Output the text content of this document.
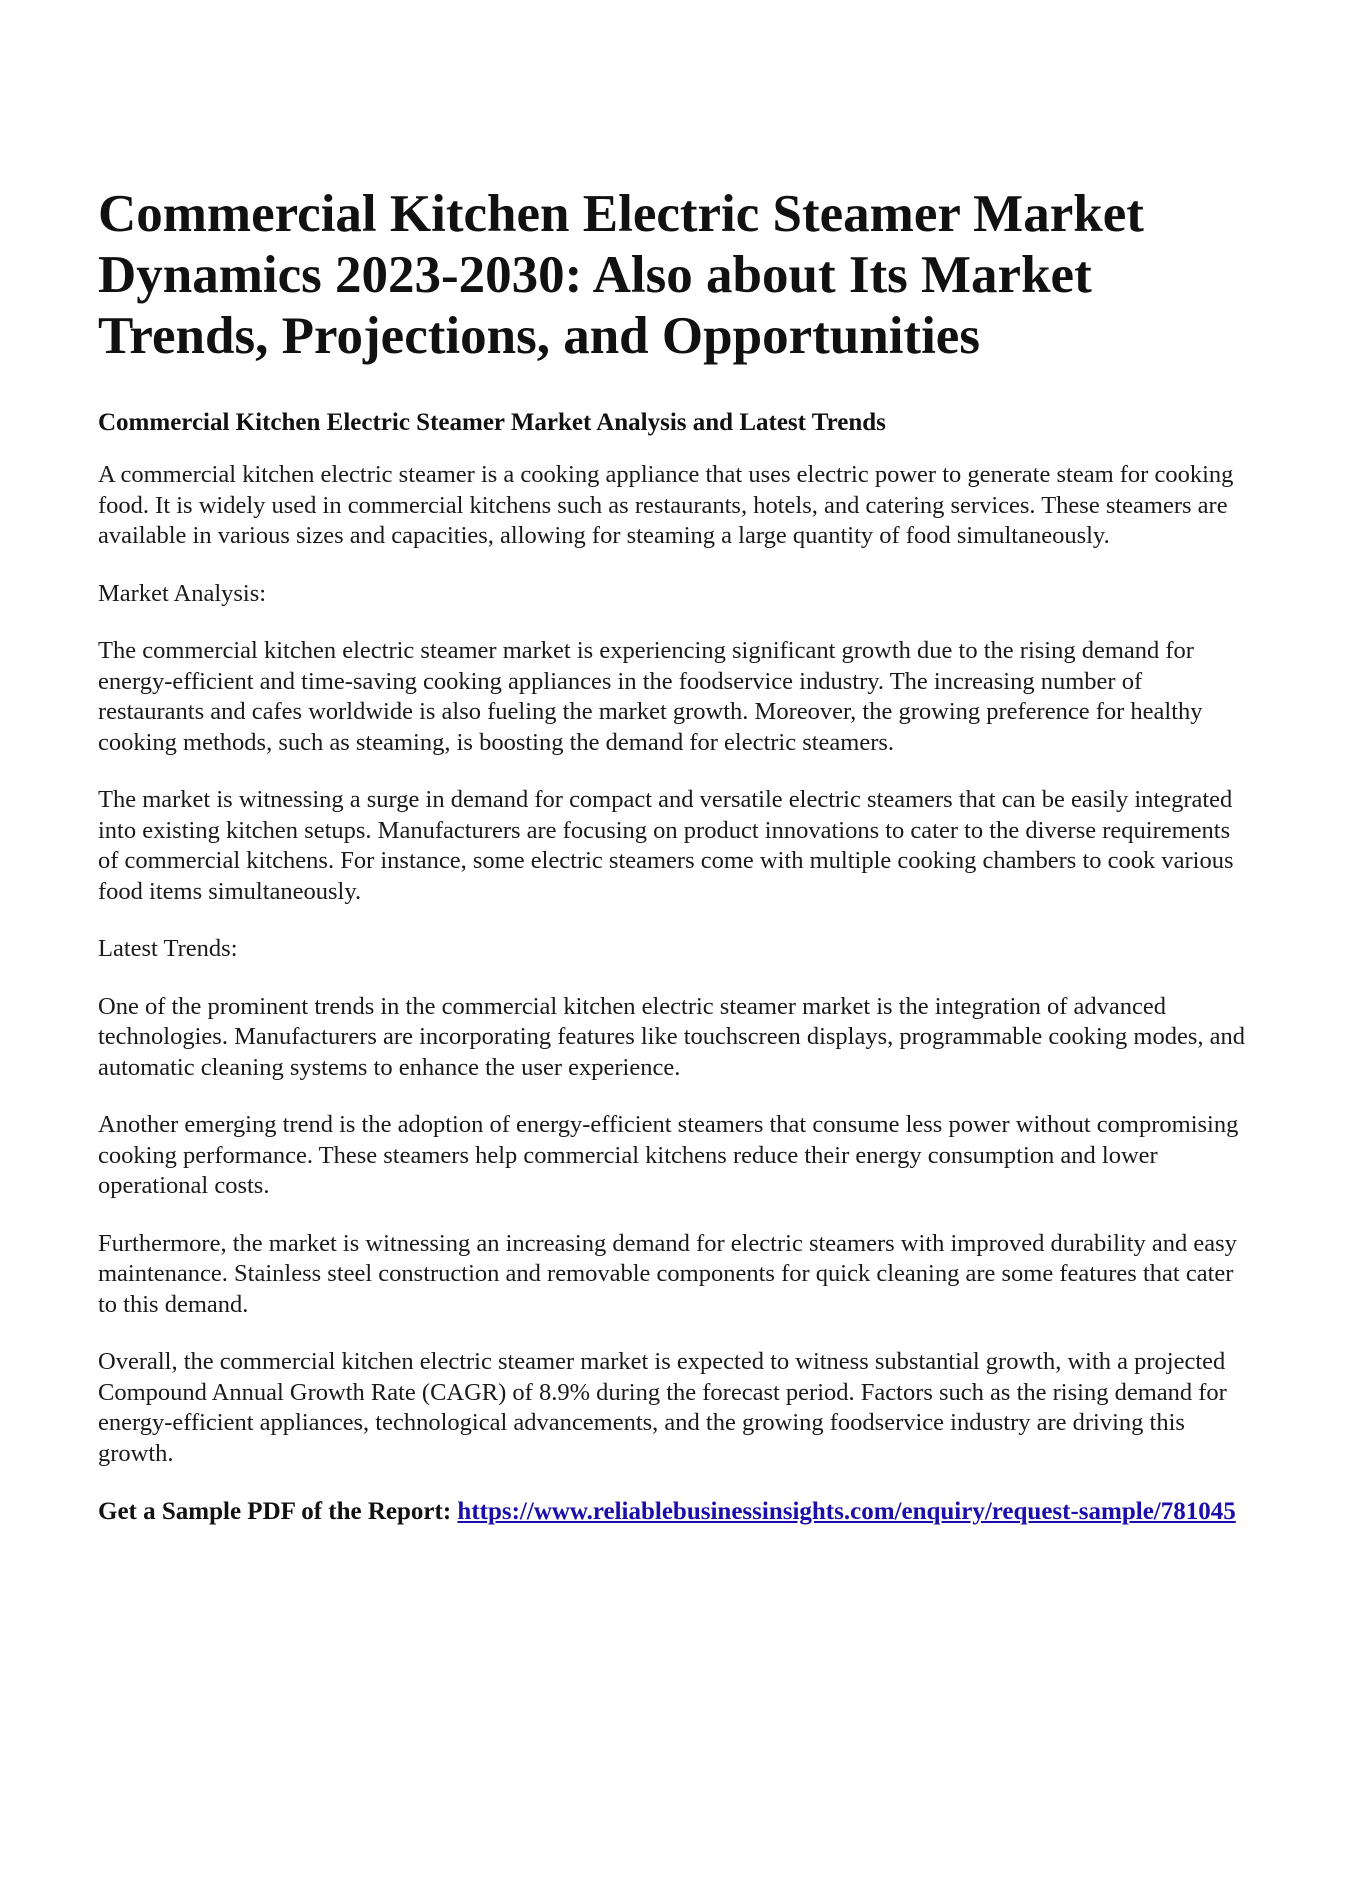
Commercial Kitchen Electric Steamer Market Dynamics 2023-2030: Also about Its Market Trends, Projections, and Opportunities
Commercial Kitchen Electric Steamer Market Analysis and Latest Trends

A commercial kitchen electric steamer is a cooking appliance that uses electric power to generate steam for cooking food. It is widely used in commercial kitchens such as restaurants, hotels, and catering services. These steamers are available in various sizes and capacities, allowing for steaming a large quantity of food simultaneously.

Market Analysis:

The commercial kitchen electric steamer market is experiencing significant growth due to the rising demand for energy-efficient and time-saving cooking appliances in the foodservice industry. The increasing number of restaurants and cafes worldwide is also fueling the market growth. Moreover, the growing preference for healthy cooking methods, such as steaming, is boosting the demand for electric steamers.

The market is witnessing a surge in demand for compact and versatile electric steamers that can be easily integrated into existing kitchen setups. Manufacturers are focusing on product innovations to cater to the diverse requirements of commercial kitchens. For instance, some electric steamers come with multiple cooking chambers to cook various food items simultaneously.

Latest Trends:

One of the prominent trends in the commercial kitchen electric steamer market is the integration of advanced technologies. Manufacturers are incorporating features like touchscreen displays, programmable cooking modes, and automatic cleaning systems to enhance the user experience.

Another emerging trend is the adoption of energy-efficient steamers that consume less power without compromising cooking performance. These steamers help commercial kitchens reduce their energy consumption and lower operational costs.

Furthermore, the market is witnessing an increasing demand for electric steamers with improved durability and easy maintenance. Stainless steel construction and removable components for quick cleaning are some features that cater to this demand.

Overall, the commercial kitchen electric steamer market is expected to witness substantial growth, with a projected Compound Annual Growth Rate (CAGR) of 8.9% during the forecast period. Factors such as the rising demand for energy-efficient appliances, technological advancements, and the growing foodservice industry are driving this growth.

Get a Sample PDF of the Report: https://www.reliablebusinessinsights.com/enquiry/request-sample/781045
